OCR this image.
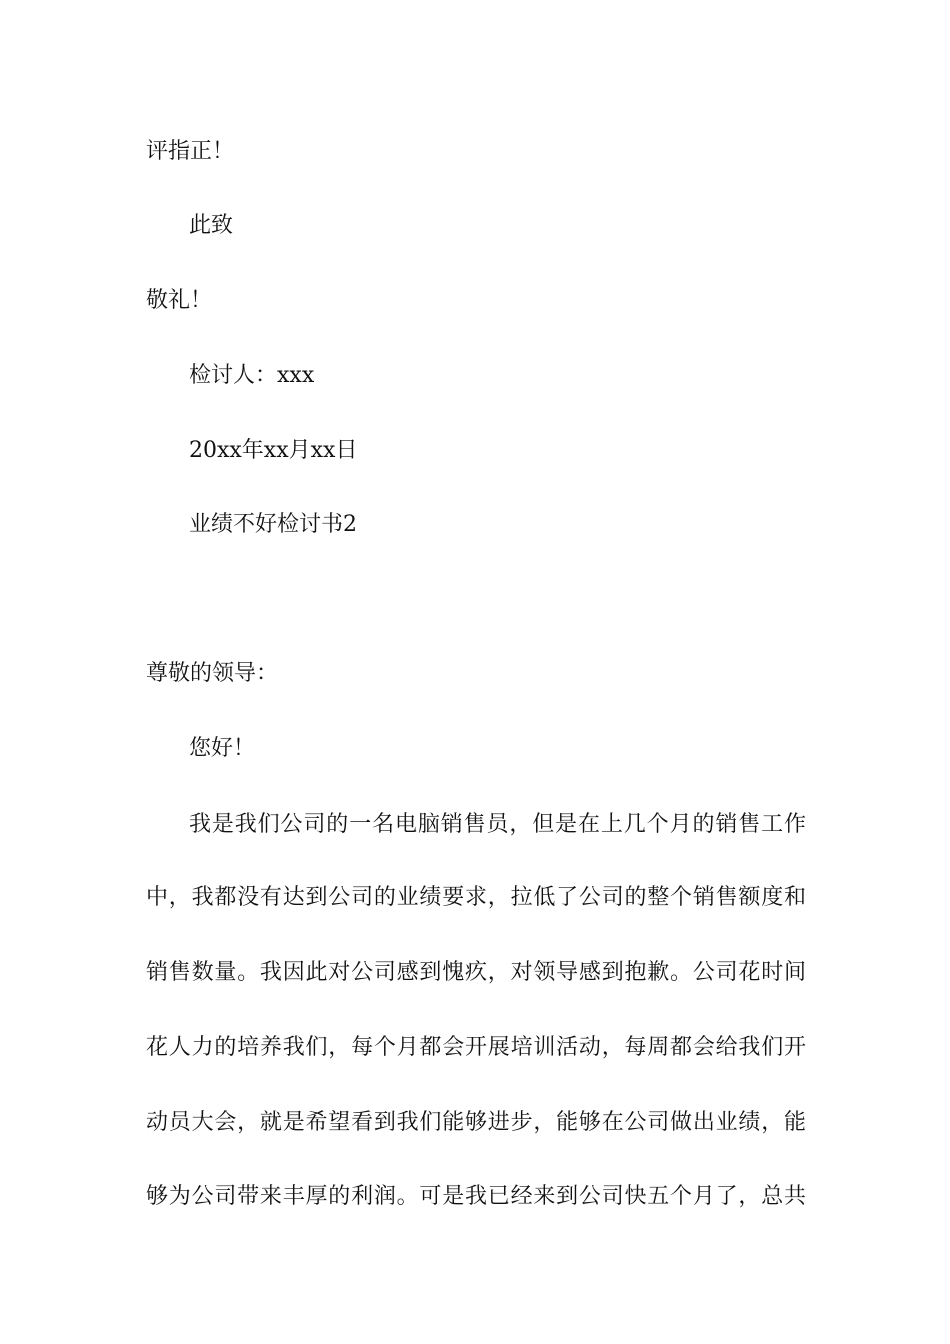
评指正！
此致
敬礼！
检讨人：xxx
20xx年xx月xx日
业绩不好检讨书2
尊敬的领导：
您好！
我是我们公司的一名电脑销售员，但是在上几个月的销售工作
中，我都没有达到公司的业绩要求，拉低了公司的整个销售额度和
销售数量。我因此对公司感到愧疚，对领导感到抱歉。公司花时间
花人力的培养我们，每个月都会开展培训活动，每周都会给我们开
动员大会，就是希望看到我们能够进步，能够在公司做出业绩，能
够为公司带来丰厚的利润。可是我已经来到公司快五个月了，总共
